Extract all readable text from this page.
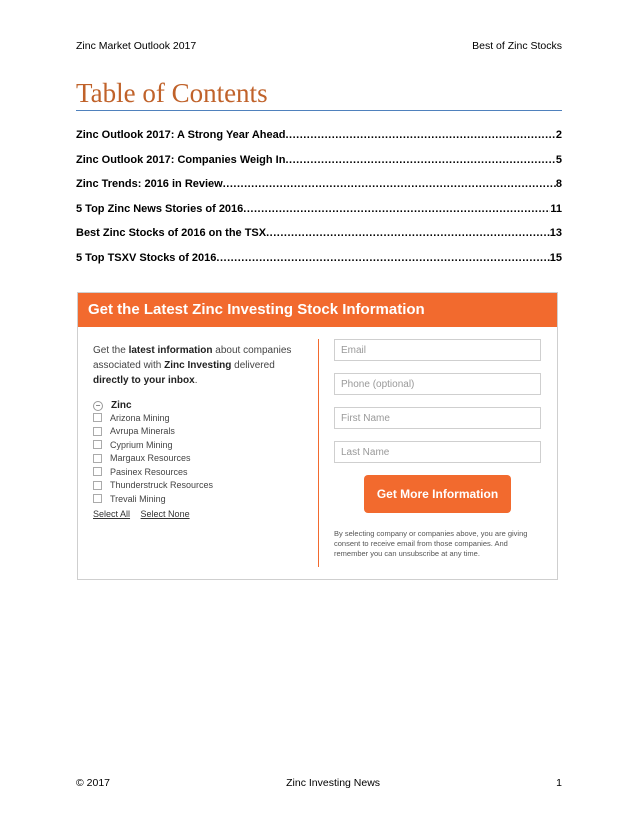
Zinc Market Outlook 2017	Best of Zinc Stocks
Table of Contents
Zinc Outlook 2017: A Strong Year Ahead .....	2
Zinc Outlook 2017: Companies Weigh In .....	5
Zinc Trends: 2016 in Review .....	8
5 Top Zinc News Stories of 2016 .....	11
Best Zinc Stocks of 2016 on the TSX .....	13
5 Top TSXV Stocks of 2016 .....	15
Get the Latest Zinc Investing Stock Information
Get the latest information about companies associated with Zinc Investing delivered directly to your inbox.
− Zinc
Arizona Mining
Avrupa Minerals
Cyprium Mining
Margaux Resources
Pasinex Resources
Thunderstruck Resources
Trevali Mining
Select All Select None
Email
Phone (optional)
First Name
Last Name
Get More Information
By selecting company or companies above, you are giving consent to receive email from those companies. And remember you can unsubscribe at any time.
© 2017	Zinc Investing News	1
